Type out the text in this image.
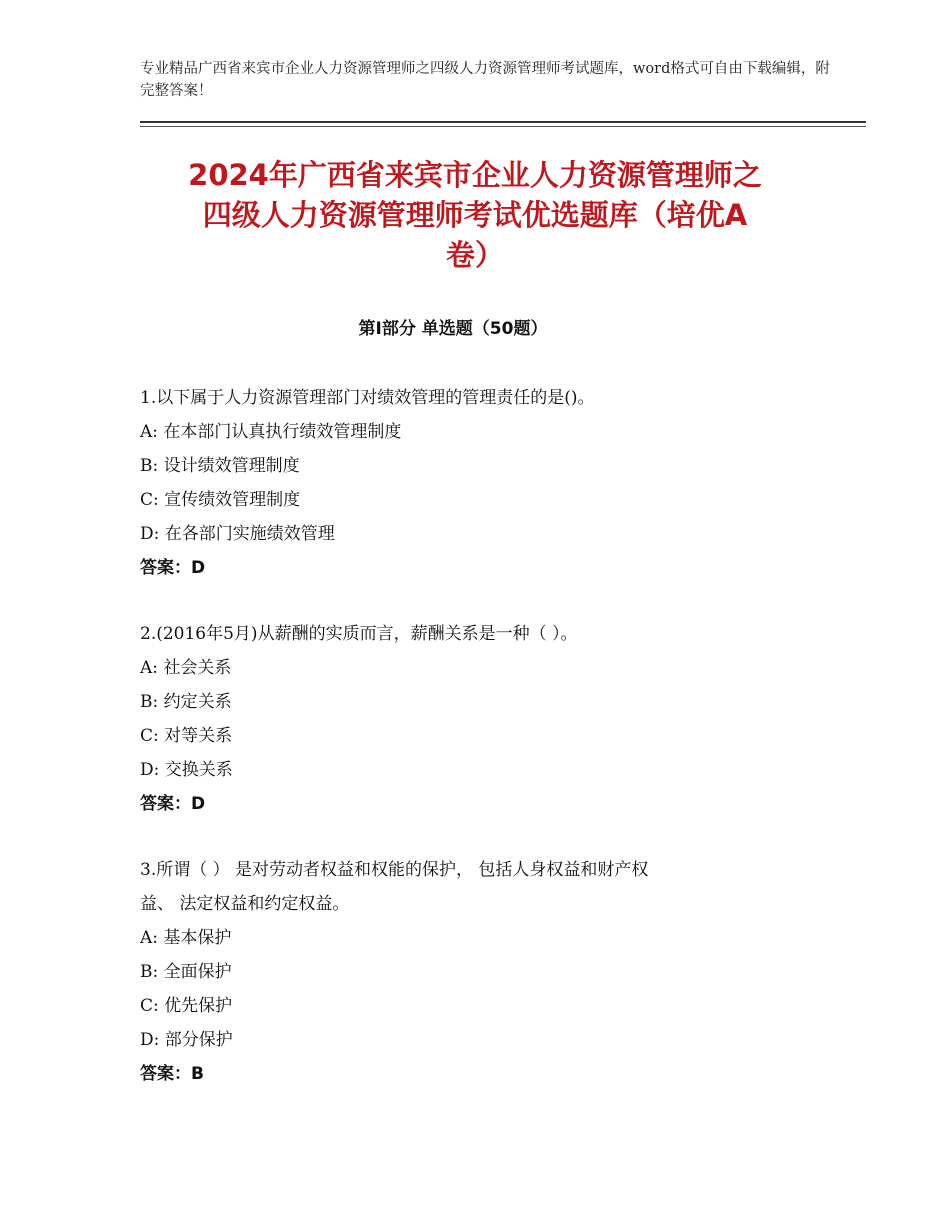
专业精品广西省来宾市企业人力资源管理师之四级人力资源管理师考试题库，word格式可自由下载编辑，附完整答案！
2024年广西省来宾市企业人力资源管理师之
四级人力资源管理师考试优选题库（培优A
卷）
第Ⅰ部分 单选题（50题）

1.以下属于人力资源管理部门对绩效管理的管理责任的是()。

A: 在本部门认真执行绩效管理制度

B: 设计绩效管理制度

C: 宣传绩效管理制度

D: 在各部门实施绩效管理

答案：D

2.(2016年5月)从薪酬的实质而言，薪酬关系是一种（ ）。

A: 社会关系

B: 约定关系

C: 对等关系

D: 交换关系

答案：D

3.所谓（ ） 是对劳动者权益和权能的保护， 包括人身权益和财产权

益、 法定权益和约定权益。

A: 基本保护

B: 全面保护

C: 优先保护

D: 部分保护

答案：B
